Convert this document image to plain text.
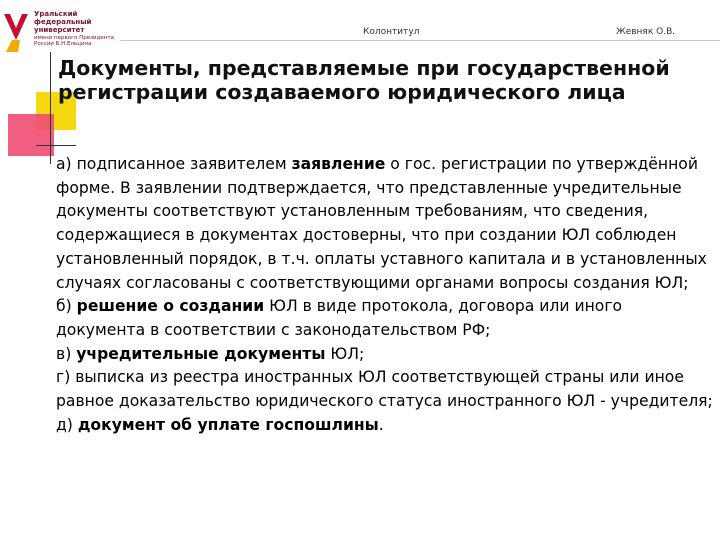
Уральский
федеральный
университет
имени первого Президента России Б.Н.Ельцина
Колонтитул	Жевняк О.В.
Документы, представляемые при государственной регистрации создаваемого юридического лица

а) подписанное заявителем заявление о гос. регистрации по утверждённой форме. В заявлении подтверждается, что представленные учредительные документы соответствуют установленным требованиям, что сведения, содержащиеся в документах достоверны, что при создании ЮЛ соблюден установленный порядок, в т.ч. оплаты уставного капитала и в установленных случаях согласованы с соответствующими органами вопросы создания ЮЛ;

б) решение о создании ЮЛ в виде протокола, договора или иного документа в соответствии с законодательством РФ;

в) учредительные документы ЮЛ;

г) выписка из реестра иностранных ЮЛ соответствующей страны или иное равное доказательство юридического статуса иностранного ЮЛ - учредителя;

д) документ об уплате госпошлины.
